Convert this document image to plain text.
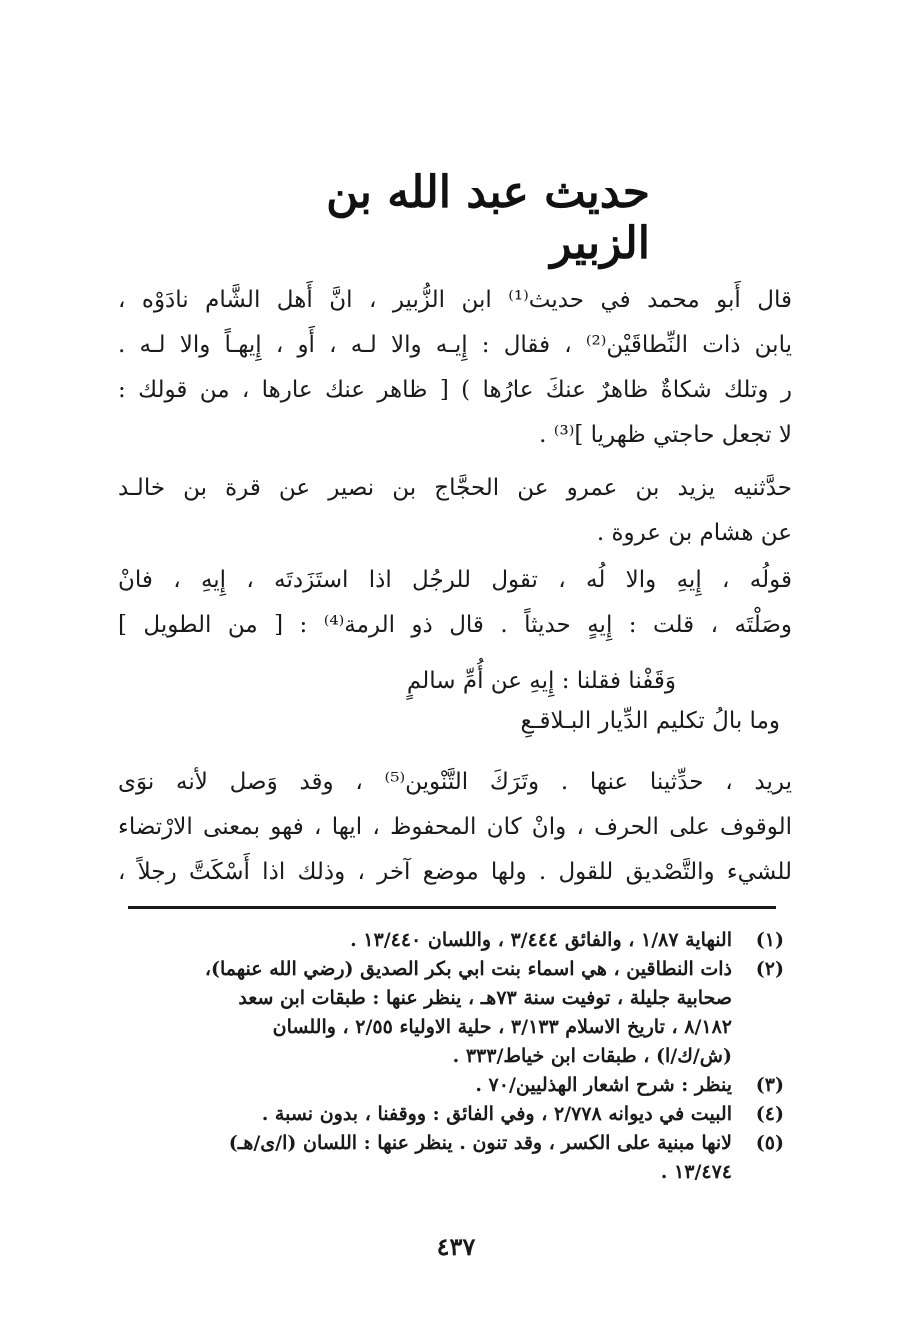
حديث عبد الله بن الزبير
قال أَبو محمد في حديث⁽¹⁾ ابن الزُّبير ، انَّ أَهل الشَّام نادَوْه ،
يابن ذات النِّطاقَيْن⁽²⁾ ، فقال : إِيـه والا لـه ، أَو ، إِيهـاً والا لـه .
ﺭ وتلك شكاةٌ ظاهرٌ عنكَ عارُها ) [ ظاهر عنك عارها ، من قولك :
لا تجعل حاجتي ظهريا ]⁽³⁾ .
حدَّثنيه يزيد بن عمرو عن الحجَّاج بن نصير عن قرة بن خالـد
عن هشام بن عروة .
قولُه ، إِيهِ والا لُه ، تقول للرجُل اذا استَزَدتَه ، إِيهِ ، فانْ
وصَلْتَه ، قلت : إِيهٍ حديثاً . قال ذو الرمة⁽⁴⁾ : [ من الطويل ]
وَقَفْنا فقلنا : إِيهِ عن أُمِّ سالمٍ
وما بالُ تكليم الدِّيار البـلاقـعِ
يريد ، حدِّثينا عنها . وتَرَكَ التَّنْوين⁽⁵⁾ ، وقد وَصل لأنه نوَى
الوقوف على الحرف ، وانْ كان المحفوظ ، ايها ، فهو بمعنى الارْتضاء
للشيء والتَّصْديق للقول . ولها موضع آخر ، وذلك اذا أَسْكَتَّ رجلاً ،
(١)
النهاية ١/٨٧ ، والفائق ٣/٤٤٤ ، واللسان ١٣/٤٤٠ .
(٢)
ذات النطاقين ، هي اسماء بنت ابي بكر الصديق (رضي الله عنهما)،
صحابية جليلة ، توفيت سنة ٧٣هـ ، ينظر عنها : طبقات ابن سعد
٨/١٨٢ ، تاريخ الاسلام ٣/١٣٣ ، حلية الاولياء ٢/٥٥ ، واللسان
(ش/ك/ا) ، طبقات ابن خياط/٣٣٣ .
(٣)
ينظر : شرح اشعار الهذليين/٧٠ .
(٤)
البيت في ديوانه ٢/٧٧٨ ، وفي الفائق : ووقفنا ، بدون نسبة .
(٥)
لانها مبنية على الكسر ، وقد تنون . ينظر عنها : اللسان (ا/ى/هـ)
١٣/٤٧٤ .
٤٣٧
